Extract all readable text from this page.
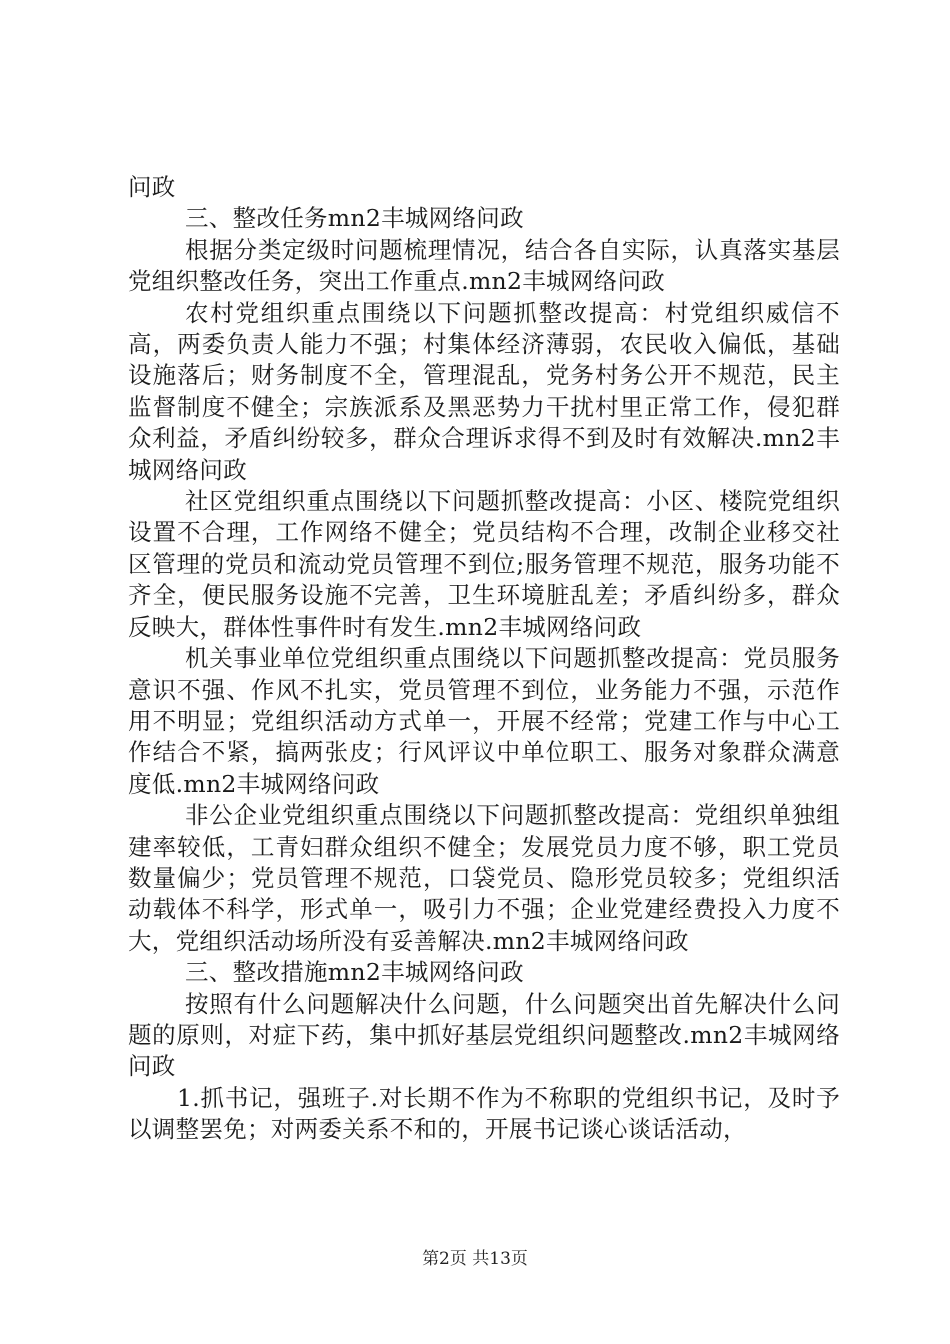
问政

三、整改任务mn2丰城网络问政

根据分类定级时问题梳理情况，结合各自实际，认真落实基层党组织整改任务，突出工作重点.mn2丰城网络问政

农村党组织重点围绕以下问题抓整改提高：村党组织威信不高，两委负责人能力不强；村集体经济薄弱，农民收入偏低，基础设施落后；财务制度不全，管理混乱，党务村务公开不规范，民主监督制度不健全；宗族派系及黑恶势力干扰村里正常工作，侵犯群众利益，矛盾纠纷较多，群众合理诉求得不到及时有效解决.mn2丰城网络问政

社区党组织重点围绕以下问题抓整改提高：小区、楼院党组织设置不合理，工作网络不健全；党员结构不合理，改制企业移交社区管理的党员和流动党员管理不到位;服务管理不规范，服务功能不齐全，便民服务设施不完善，卫生环境脏乱差；矛盾纠纷多，群众反映大，群体性事件时有发生.mn2丰城网络问政

机关事业单位党组织重点围绕以下问题抓整改提高：党员服务意识不强、作风不扎实，党员管理不到位，业务能力不强，示范作用不明显；党组织活动方式单一，开展不经常；党建工作与中心工作结合不紧，搞两张皮；行风评议中单位职工、服务对象群众满意度低.mn2丰城网络问政

非公企业党组织重点围绕以下问题抓整改提高：党组织单独组建率较低，工青妇群众组织不健全；发展党员力度不够，职工党员数量偏少；党员管理不规范，口袋党员、隐形党员较多；党组织活动载体不科学，形式单一，吸引力不强；企业党建经费投入力度不大，党组织活动场所没有妥善解决.mn2丰城网络问政

三、整改措施mn2丰城网络问政

按照有什么问题解决什么问题，什么问题突出首先解决什么问题的原则，对症下药，集中抓好基层党组织问题整改.mn2丰城网络问政

1.抓书记，强班子.对长期不作为不称职的党组织书记，及时予以调整罢免；对两委关系不和的，开展书记谈心谈话活动，

第2页 共13页
